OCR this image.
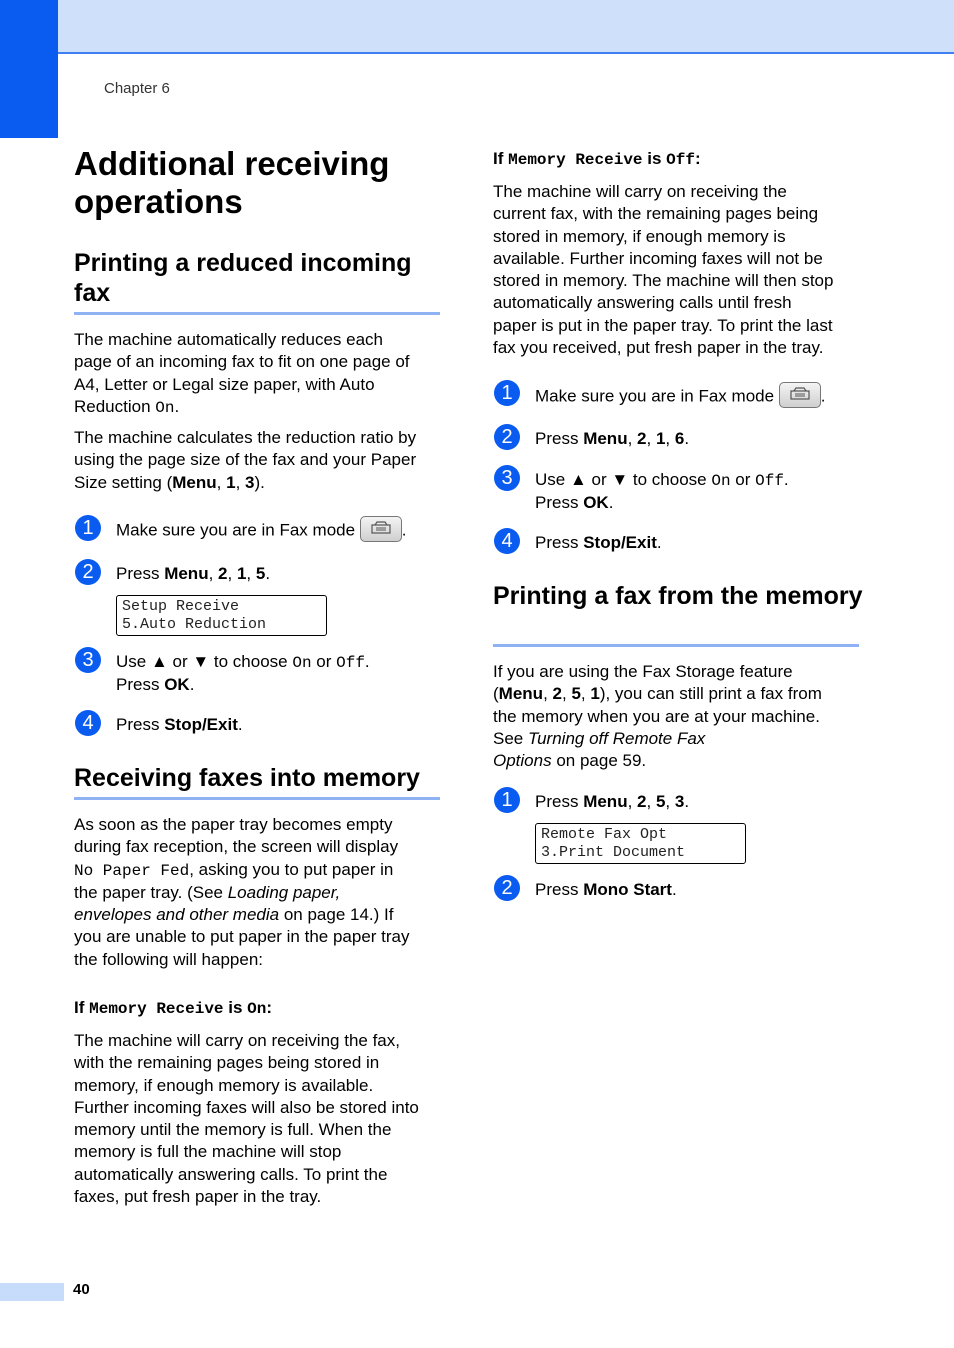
Chapter 6
Additional receiving operations
Printing a reduced incoming fax

The machine automatically reduces each
page of an incoming fax to fit on one page of
A4, Letter or Legal size paper, with Auto
Reduction On.

The machine calculates the reduction ratio by
using the page size of the fax and your Paper
Size setting (Menu, 1, 3).

1	Make sure you are in Fax mode	.
2	Press Menu, 2, 1, 5.
Setup Receive
5.Auto Reduction
3	Use ▲ or ▼ to choose On or Off.
Press OK.
4	Press Stop/Exit.
Receiving faxes into memory

As soon as the paper tray becomes empty
during fax reception, the screen will display
No Paper Fed, asking you to put paper in
the paper tray. (See Loading paper,
envelopes and other media on page 14.) If
you are unable to put paper in the paper tray
the following will happen:

If Memory Receive is On:

The machine will carry on receiving the fax,
with the remaining pages being stored in
memory, if enough memory is available.
Further incoming faxes will also be stored into
memory until the memory is full. When the
memory is full the machine will stop
automatically answering calls. To print the
faxes, put fresh paper in the tray.

If Memory Receive is Off:

The machine will carry on receiving the
current fax, with the remaining pages being
stored in memory, if enough memory is
available. Further incoming faxes will not be
stored in memory. The machine will then stop
automatically answering calls until fresh
paper is put in the paper tray. To print the last
fax you received, put fresh paper in the tray.

1	Make sure you are in Fax mode	.
2	Press Menu, 2, 1, 6.
3	Use ▲ or ▼ to choose On or Off.
Press OK.
4	Press Stop/Exit.
Printing a fax from the memory

If you are using the Fax Storage feature
(Menu, 2, 5, 1), you can still print a fax from
the memory when you are at your machine.
See Turning off Remote Fax
Options on page 59.

1	Press Menu, 2, 5, 3.
Remote Fax Opt
3.Print Document
2	Press Mono Start.
40
